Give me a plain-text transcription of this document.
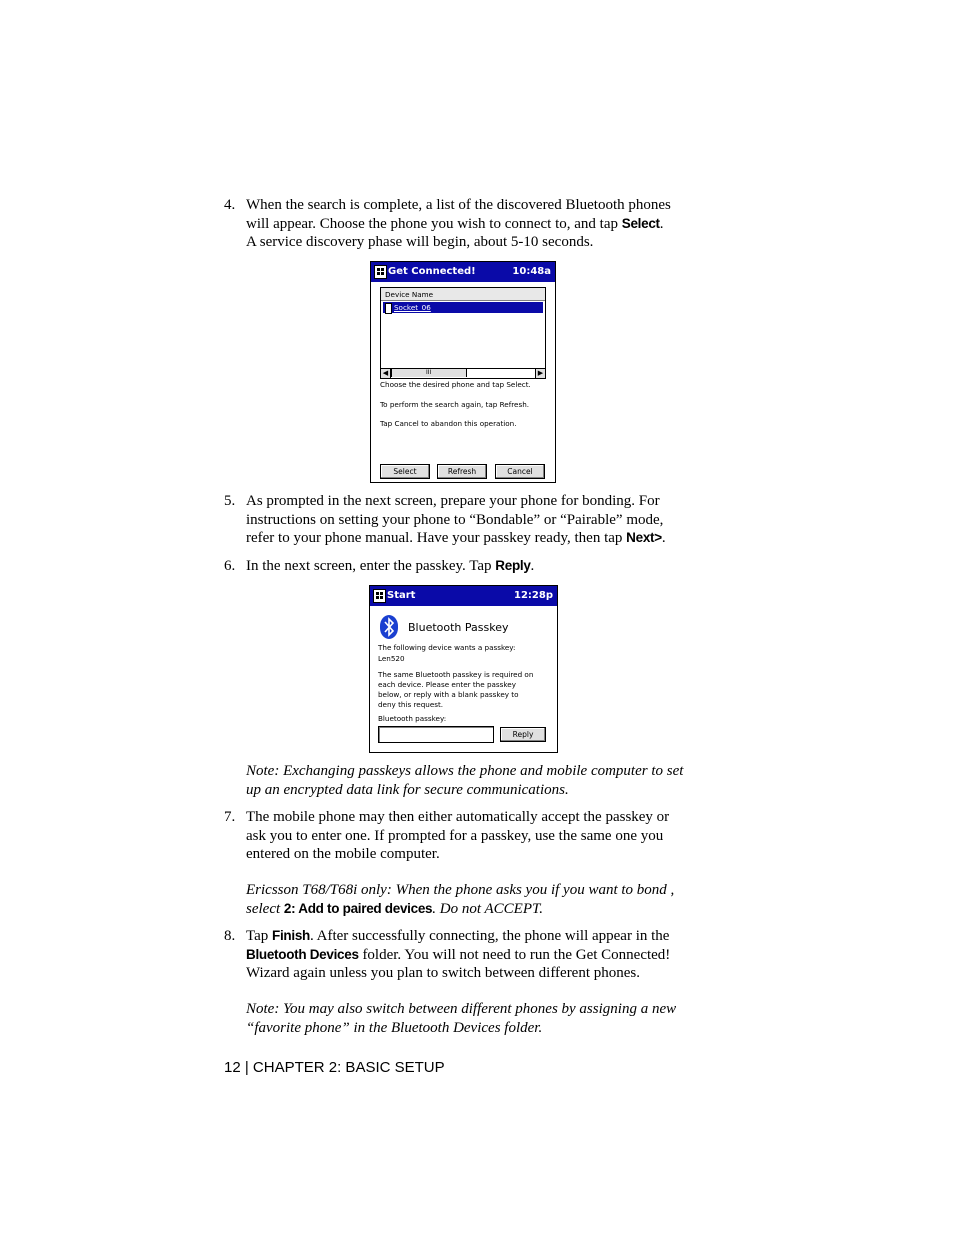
4. When the search is complete, a list of the discovered Bluetooth phones
will appear. Choose the phone you wish to connect to, and tap Select.
A service discovery phase will begin, about 5-10 seconds.
Get Connected!	10:48a
Device Name
Socket_06
◀	III	▶
Choose the desired phone and tap Select.
To perform the search again, tap Refresh.
Tap Cancel to abandon this operation.
Select	Refresh	Cancel
5. As prompted in the next screen, prepare your phone for bonding. For
instructions on setting your phone to “Bondable” or “Pairable” mode,
refer to your phone manual. Have your passkey ready, then tap Next>.
6. In the next screen, enter the passkey. Tap Reply.
Start	12:28p
Bluetooth Passkey
The following device wants a passkey:
Len520
The same Bluetooth passkey is required on
each device. Please enter the passkey
below, or reply with a blank passkey to
deny this request.
Bluetooth passkey:
Reply
Note: Exchanging passkeys allows the phone and mobile computer to set
up an encrypted data link for secure communications.
7. The mobile phone may then either automatically accept the passkey or
ask you to enter one. If prompted for a passkey, use the same one you
entered on the mobile computer.
Ericsson T68/T68i only: When the phone asks you if you want to bond ,
select 2: Add to paired devices. Do not ACCEPT.
8. Tap Finish. After successfully connecting, the phone will appear in the
Bluetooth Devices folder. You will not need to run the Get Connected!
Wizard again unless you plan to switch between different phones.
Note: You may also switch between different phones by assigning a new
“favorite phone” in the Bluetooth Devices folder.
12 | CHAPTER 2: BASIC SETUP
